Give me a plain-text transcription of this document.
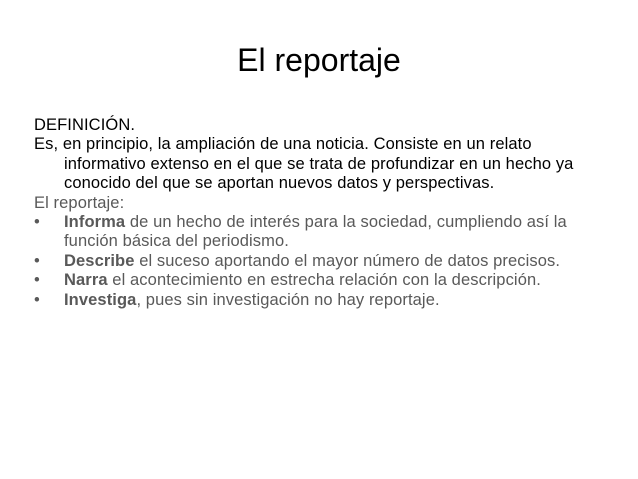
El reportaje

DEFINICIÓN.

Es, en principio, la ampliación de una noticia. Consiste en un relato informativo extenso en el que se trata de profundizar en un hecho ya conocido del que se aportan nuevos datos y perspectivas.

El reportaje:

•	Informa de un hecho de interés para la sociedad, cumpliendo así la función básica del periodismo.
•	Describe el suceso aportando el mayor número de datos precisos.
•	Narra el acontecimiento en estrecha relación con la descripción.
•	Investiga, pues sin investigación no hay reportaje.
